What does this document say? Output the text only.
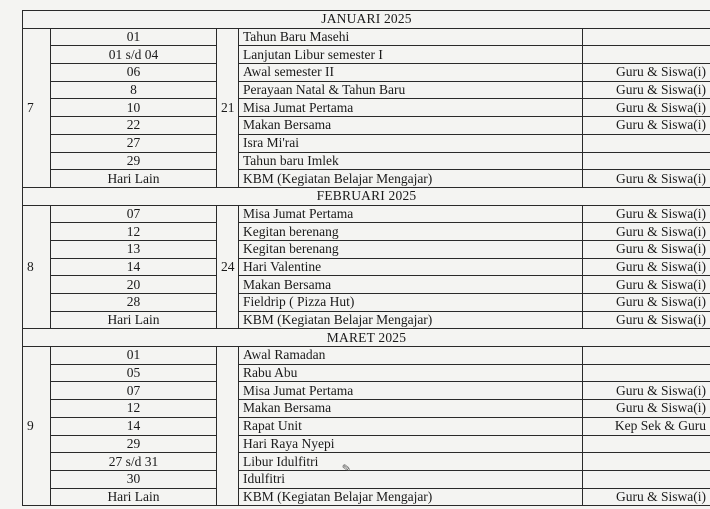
JANUARI 2025				
7	01	21	Tahun Baru Masehi	
	01 s/d 04		Lanjutan Libur semester I	
	06		Awal semester II	Guru & Siswa(i)
	8		Perayaan Natal & Tahun Baru	Guru & Siswa(i)
	10		Misa Jumat Pertama	Guru & Siswa(i)
	22		Makan Bersama	Guru & Siswa(i)
	27		Isra Mi'rai	
	29		Tahun baru Imlek	
	Hari Lain		KBM (Kegiatan Belajar Mengajar)	Guru & Siswa(i)
FEBRUARI 2025				
8	07	24	Misa Jumat Pertama	Guru & Siswa(i)
	12		Kegitan berenang	Guru & Siswa(i)
	13		Kegitan berenang	Guru & Siswa(i)
	14		Hari Valentine	Guru & Siswa(i)
	20		Makan Bersama	Guru & Siswa(i)
	28		Fieldrip ( Pizza Hut)	Guru & Siswa(i)
	Hari Lain		KBM (Kegiatan Belajar Mengajar)	Guru & Siswa(i)
MARET 2025				
9	01		Awal Ramadan	
	05		Rabu Abu	
	07		Misa Jumat Pertama	Guru & Siswa(i)
	12		Makan Bersama	Guru & Siswa(i)
	14		Rapat Unit	Kep Sek & Guru
	29		Hari Raya Nyepi	
	27 s/d 31		Libur Idulfitri	
	30		Idulfitri	
	Hari Lain		KBM (Kegiatan Belajar Mengajar)	Guru & Siswa(i)
✎
